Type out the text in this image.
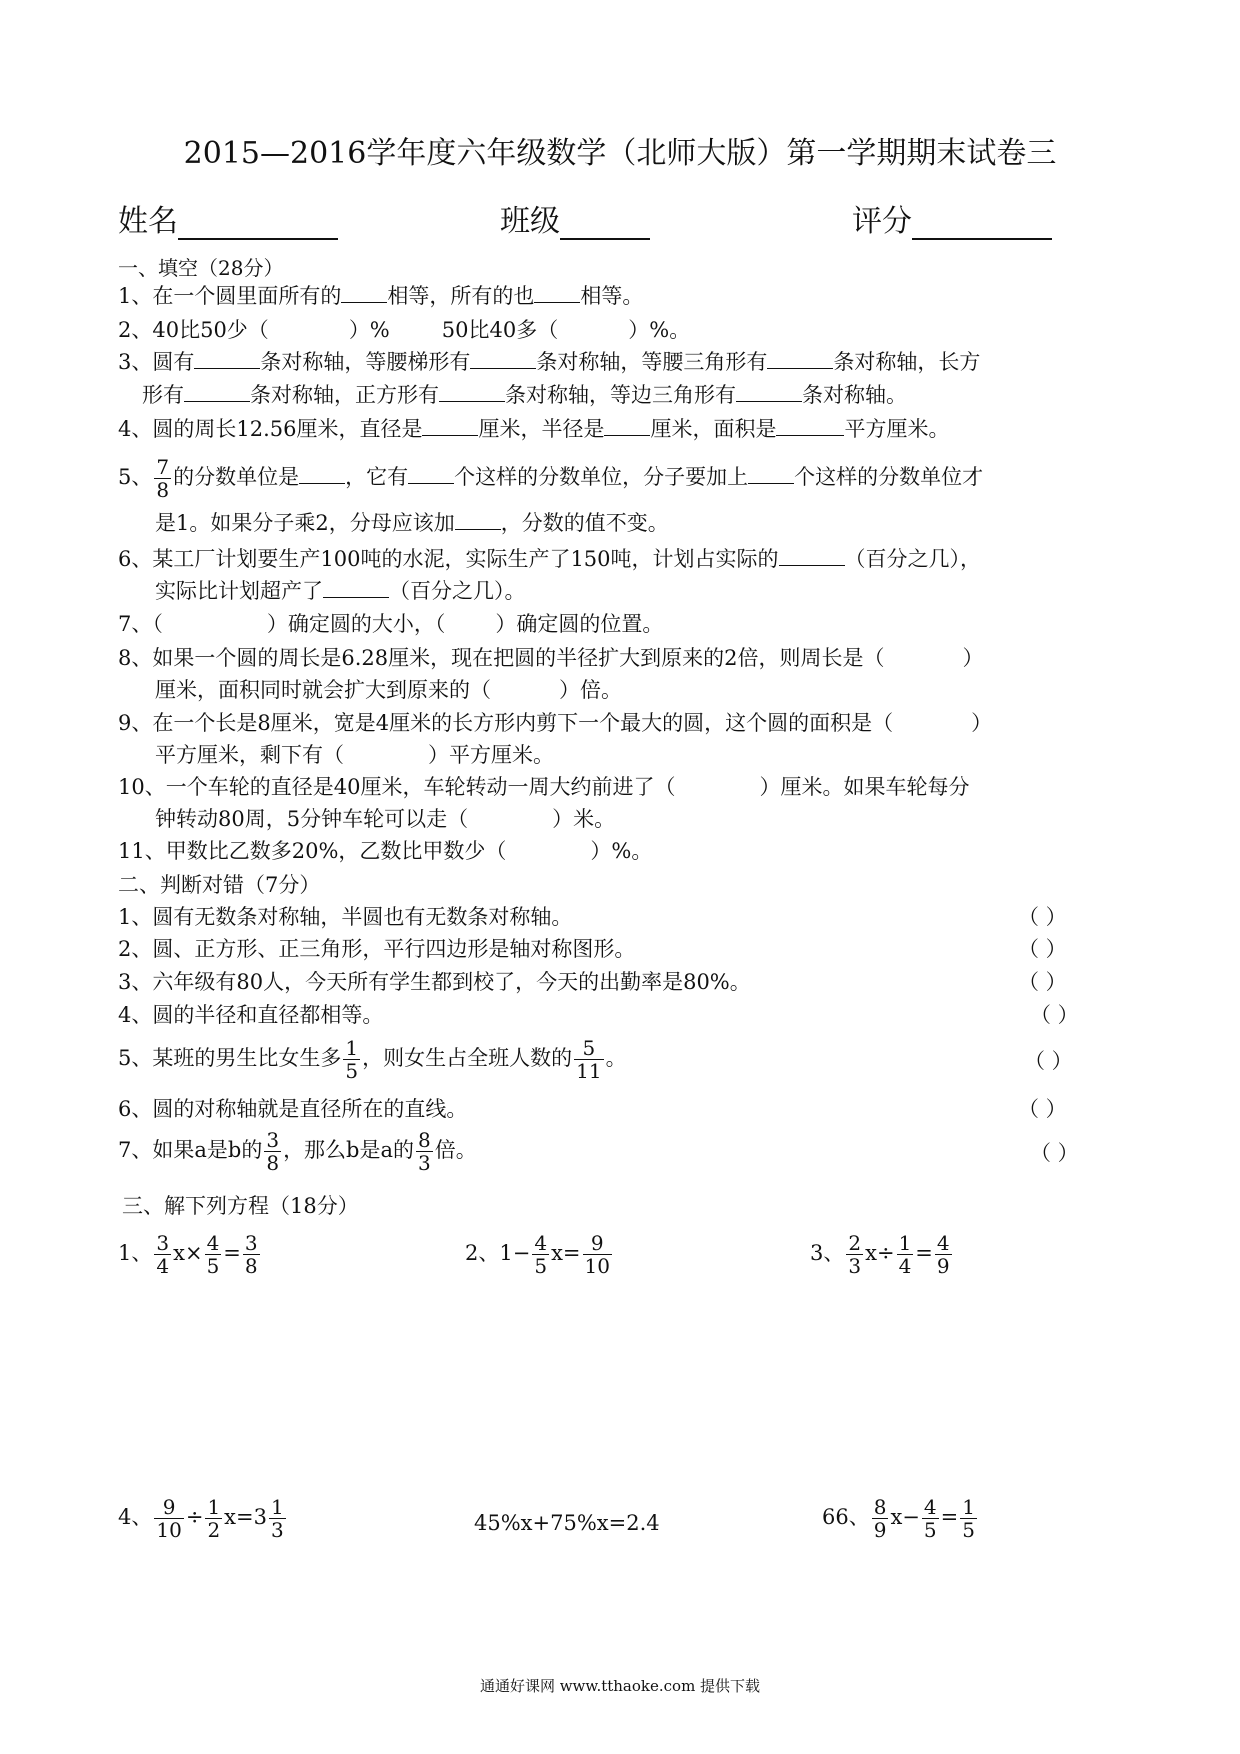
2015—2016学年度六年级数学（北师大版）第一学期期末试卷三
姓名	班级	评分
一、填空（28分）
1、在一个圆里面所有的 相等，所有的也 相等。
2、40比50少（	）% 50比40多（	）%。
3、圆有	条对称轴，等腰梯形有	条对称轴，等腰三角形有	条对称轴，长方
形有	条对称轴，正方形有	条对称轴，等边三角形有	条对称轴。
4、圆的周长12.56厘米，直径是	厘米，半径是 厘米，面积是	平方厘米。
5、 $\frac{7}{8}$ 的分数单位是 ，它有 个这样的分数单位，分子要加上 个这样的分数单位才
是1。如果分子乘2，分母应该加 ，分数的值不变。
6、某工厂计划要生产100吨的水泥，实际生产了150吨，计划占实际的	（百分之几），
实际比计划超产了	（百分之几）。
7、（	）确定圆的大小，（ ）确定圆的位置。
8、如果一个圆的周长是6.28厘米，现在把圆的半径扩大到原来的2倍，则周长是（	）
厘米，面积同时就会扩大到原来的（	）倍。
9、在一个长是8厘米，宽是4厘米的长方形内剪下一个最大的圆，这个圆的面积是（	）
平方厘米，剩下有（	）平方厘米。
10、一个车轮的直径是40厘米，车轮转动一周大约前进了（	）厘米。如果车轮每分
钟转动80周，5分钟车轮可以走（	）米。
11、甲数比乙数多20%，乙数比甲数少（	）%。
二、判断对错（7分）
1、圆有无数条对称轴，半圆也有无数条对称轴。	（ ）
2、圆、正方形、正三角形，平行四边形是轴对称图形。	（ ）
3、六年级有80人，今天所有学生都到校了，今天的出勤率是80%。	（ ）
4、圆的半径和直径都相等。	（ ）
5、某班的男生比女生多 $\frac{1}{5}$ ，则女生占全班人数的 $\frac{5}{11}$ 。	（ ）
6、圆的对称轴就是直径所在的直线。	（ ）
7、如果a是b的 $\frac{3}{8}$ ，那么b是a的 $\frac{8}{3}$ 倍。	（ ）
三、解下列方程（18分）
1、 $\frac{3}{4} x\times \frac{4}{5} = \frac{3}{8}$	2、$1- \frac{4}{5} x= \frac{9}{10}$	3、 $\frac{2}{3} x\div \frac{1}{4} = \frac{4}{9}$
4、 $\frac{9}{10} \div \frac{1}{2} x=3 \frac{1}{3}$	45%x+75%x=2.4	66、 $\frac{8}{9} x- \frac{4}{5} = \frac{1}{5}$
通通好课网 www.tthaoke.com 提供下载
